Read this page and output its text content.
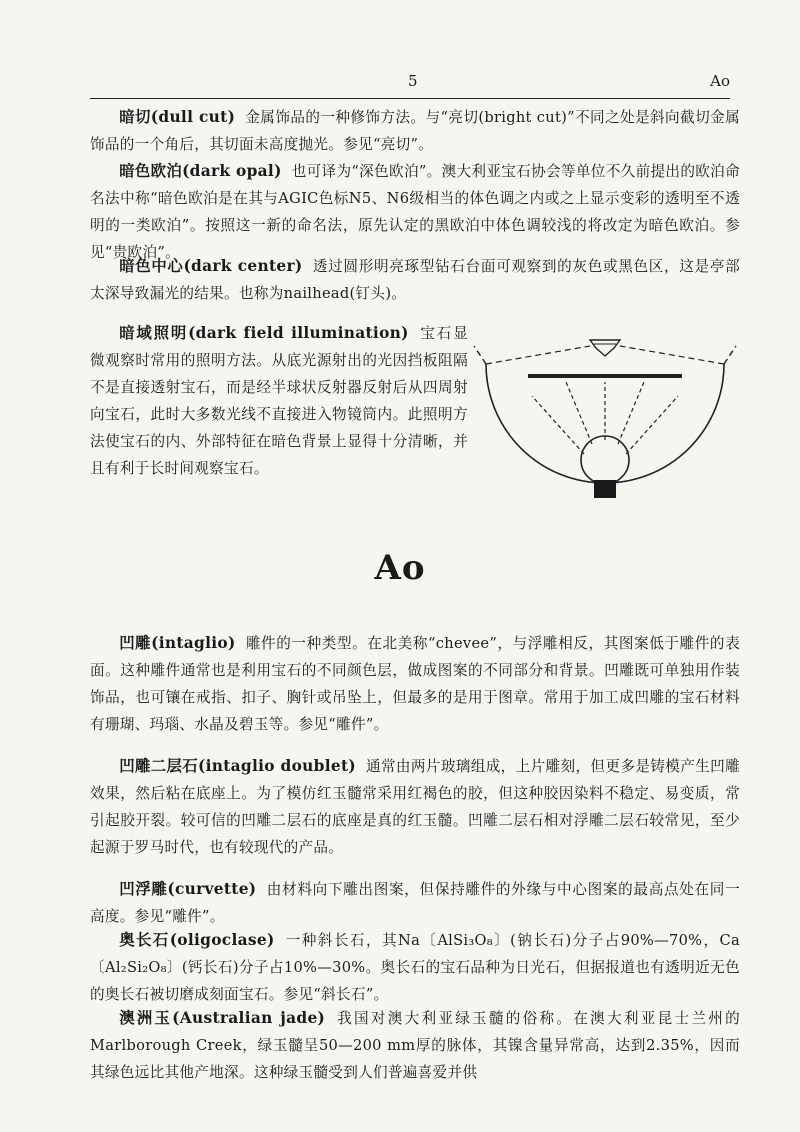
5	Ao

暗切(dull cut) 金属饰品的一种修饰方法。与“亮切(bright cut)”不同之处是斜向截切金属饰品的一个角后，其切面未高度抛光。参见“亮切”。

暗色欧泊(dark opal) 也可译为“深色欧泊”。澳大利亚宝石协会等单位不久前提出的欧泊命名法中称“暗色欧泊是在其与AGIC色标N5、N6级相当的体色调之内或之上显示变彩的透明至不透明的一类欧泊”。按照这一新的命名法，原先认定的黑欧泊中体色调较浅的将改定为暗色欧泊。参见“贵欧泊”。

暗色中心(dark center) 透过圆形明亮琢型钻石台面可观察到的灰色或黑色区，这是亭部太深导致漏光的结果。也称为nailhead(钉头)。

暗域照明(dark field illumination) 宝石显微观察时常用的照明方法。从底光源射出的光因挡板阻隔不是直接透射宝石，而是经半球状反射器反射后从四周射向宝石，此时大多数光线不直接进入物镜筒内。此照明方法使宝石的内、外部特征在暗色背景上显得十分清晰，并且有利于长时间观察宝石。

Ao

凹雕(intaglio) 雕件的一种类型。在北美称“chevee”，与浮雕相反，其图案低于雕件的表面。这种雕件通常也是利用宝石的不同颜色层，做成图案的不同部分和背景。凹雕既可单独用作装饰品，也可镶在戒指、扣子、胸针或吊坠上，但最多的是用于图章。常用于加工成凹雕的宝石材料有珊瑚、玛瑙、水晶及碧玉等。参见“雕件”。

凹雕二层石(intaglio doublet) 通常由两片玻璃组成，上片雕刻，但更多是铸模产生凹雕效果，然后粘在底座上。为了模仿红玉髓常采用红褐色的胶，但这种胶因染料不稳定、易变质，常引起胶开裂。较可信的凹雕二层石的底座是真的红玉髓。凹雕二层石相对浮雕二层石较常见，至少起源于罗马时代，也有较现代的产品。

凹浮雕(curvette) 由材料向下雕出图案，但保持雕件的外缘与中心图案的最高点处在同一高度。参见“雕件”。

奥长石(oligoclase) 一种斜长石，其Na〔AlSi₃O₈〕(钠长石)分子占90%—70%，Ca〔Al₂Si₂O₈〕(钙长石)分子占10%—30%。奥长石的宝石品种为日光石，但据报道也有透明近无色的奥长石被切磨成刻面宝石。参见“斜长石”。

澳洲玉(Australian jade) 我国对澳大利亚绿玉髓的俗称。在澳大利亚昆士兰州的Marlborough Creek，绿玉髓呈50—200 mm厚的脉体，其镍含量异常高，达到2.35%，因而其绿色远比其他产地深。这种绿玉髓受到人们普遍喜爱并供
